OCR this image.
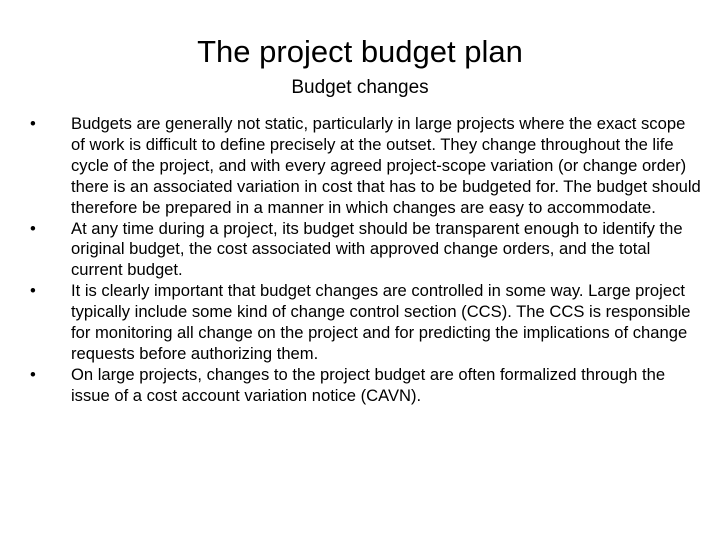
The project budget plan
Budget changes
•	Budgets are generally not static, particularly in large projects where the exact scope of work is difficult to define precisely at the outset. They change throughout the life cycle of the project, and with every agreed project-scope variation (or change order) there is an associated variation in cost that has to be budgeted for. The budget should therefore be prepared in a manner in which changes are easy to accommodate.
•	At any time during a project, its budget should be transparent enough to identify the original budget, the cost associated with approved change orders, and the total current budget.
•	It is clearly important that budget changes are controlled in some way. Large project typically include some kind of change control section (CCS). The CCS is responsible for monitoring all change on the project and for predicting the implications of change requests before authorizing them.
•	On large projects, changes to the project budget are often formalized through the issue of a cost account variation notice (CAVN).
